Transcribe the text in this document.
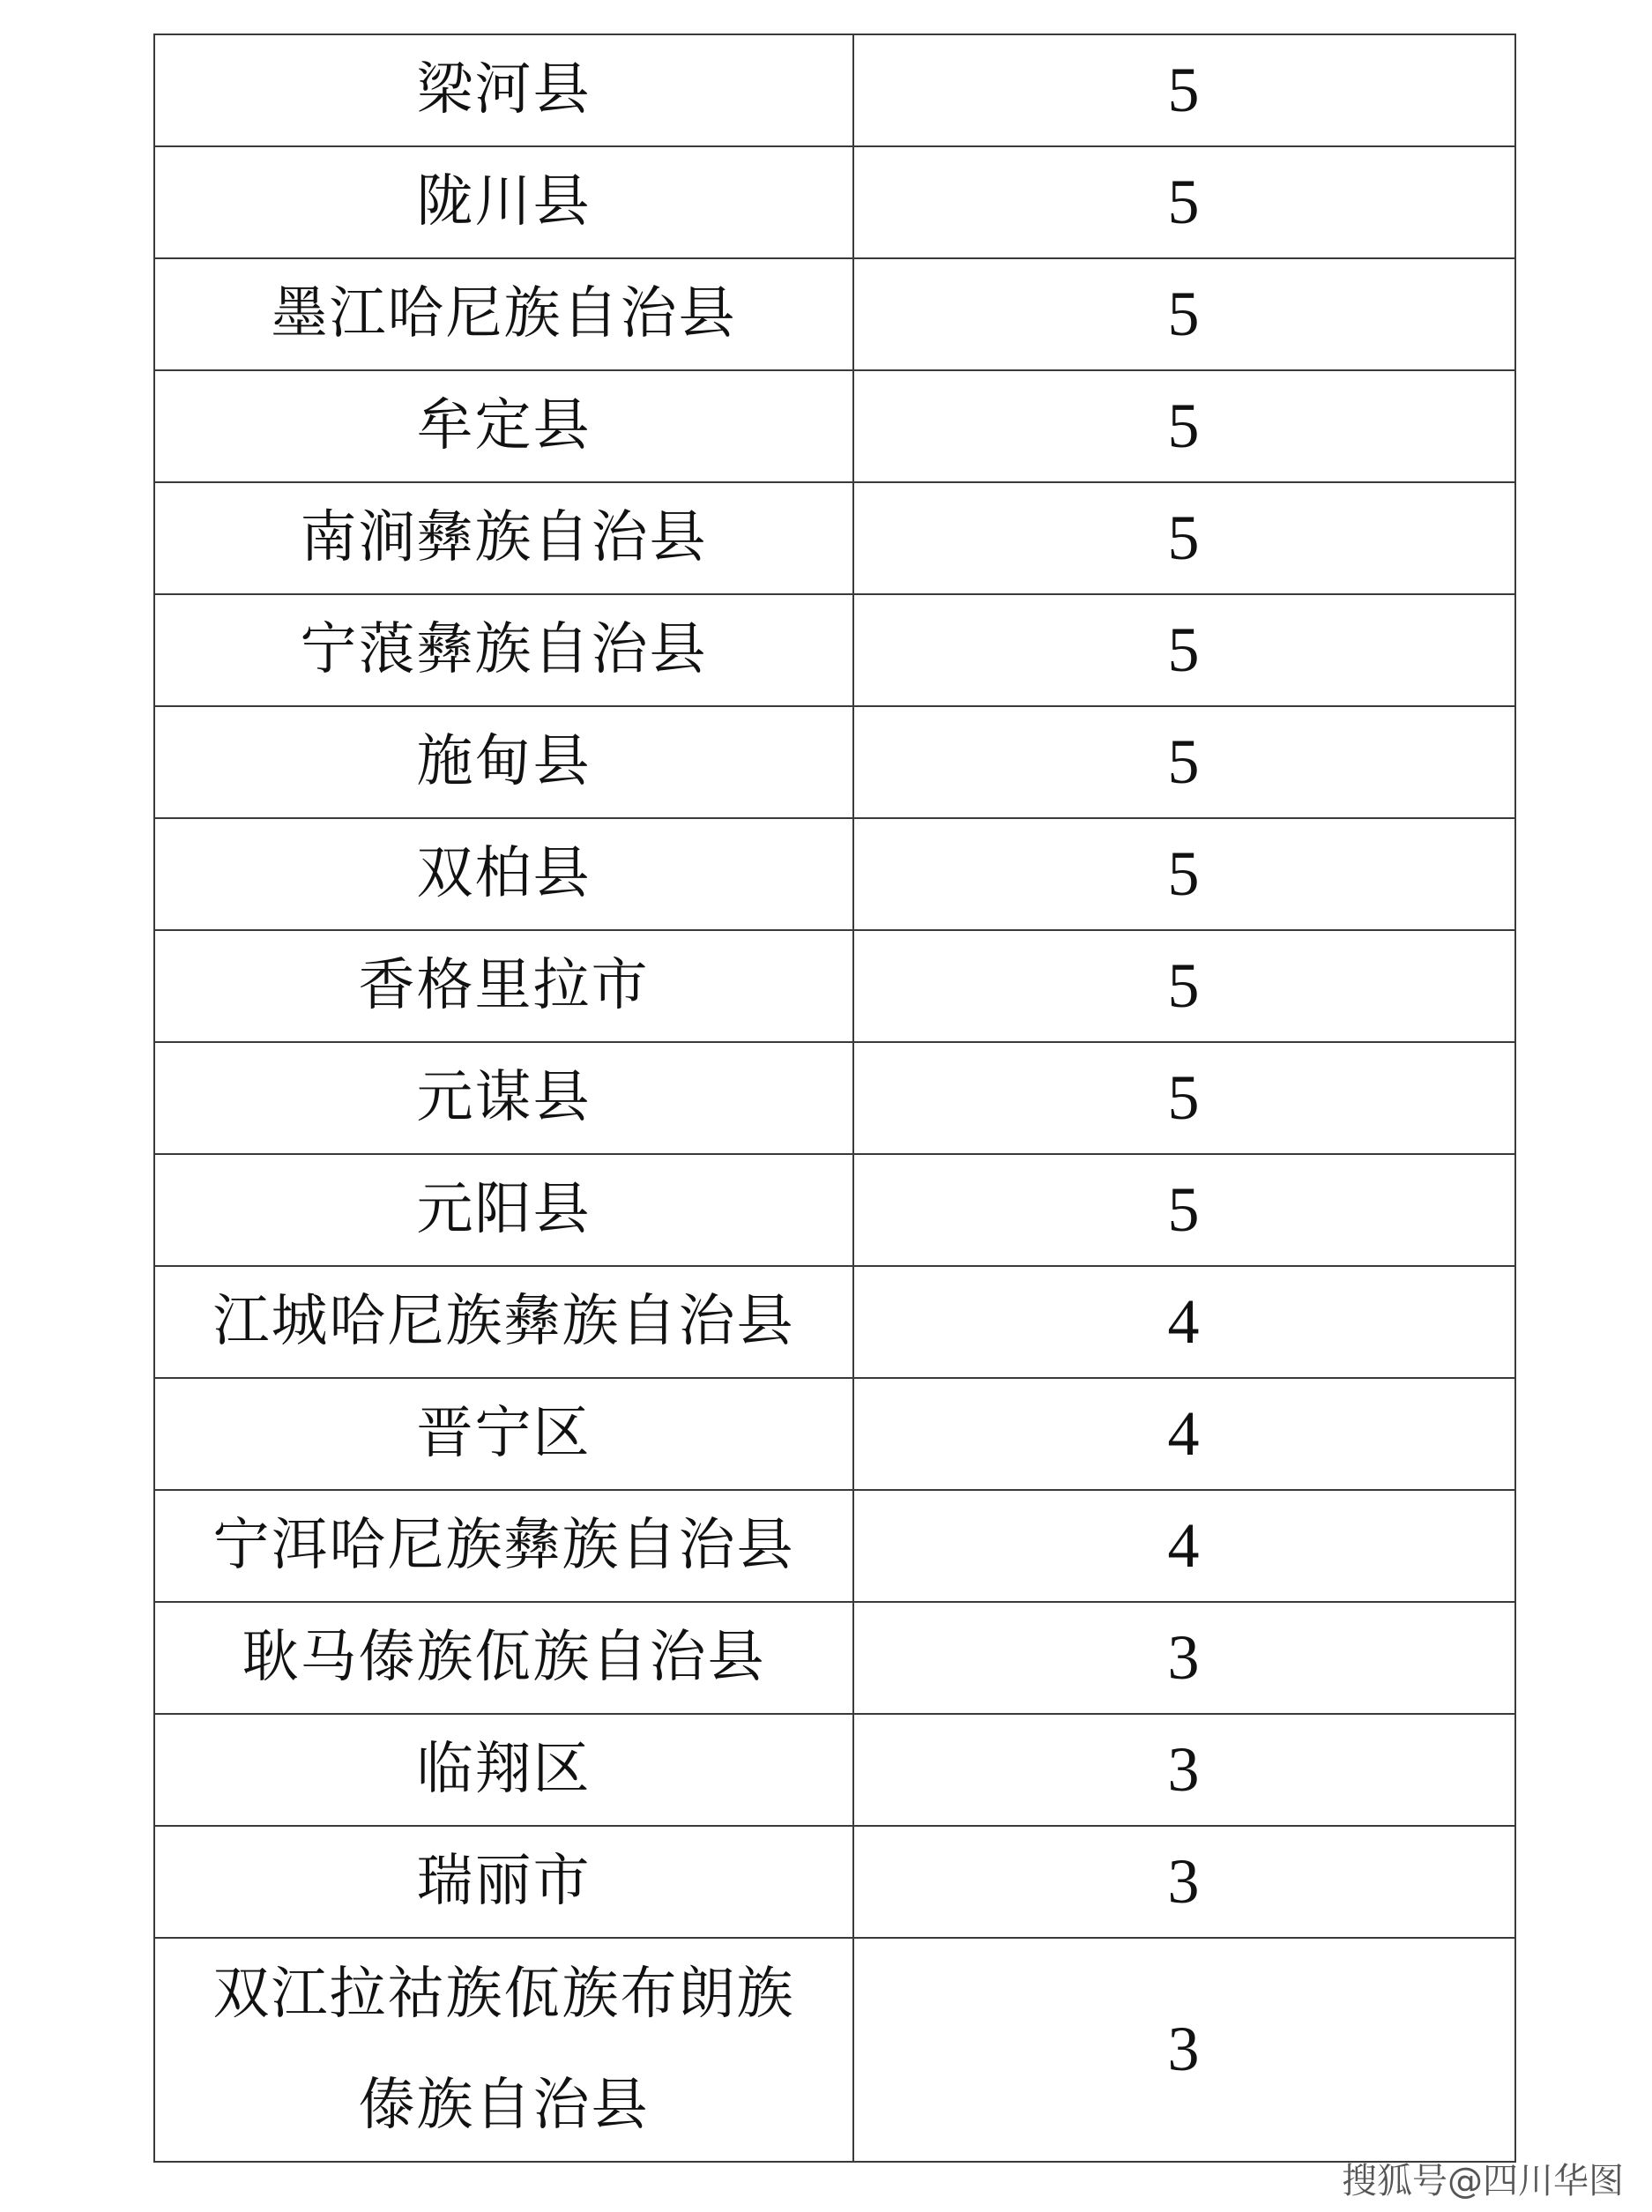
梁河县	5
陇川县	5
墨江哈尼族自治县	5
牟定县	5
南涧彝族自治县	5
宁蒗彝族自治县	5
施甸县	5
双柏县	5
香格里拉市	5
元谋县	5
元阳县	5
江城哈尼族彝族自治县	4
晋宁区	4
宁洱哈尼族彝族自治县	4
耿马傣族佤族自治县	3
临翔区	3
瑞丽市	3

双江拉祜族佤族布朗族
傣族自治县	3
搜狐号@四川华图
